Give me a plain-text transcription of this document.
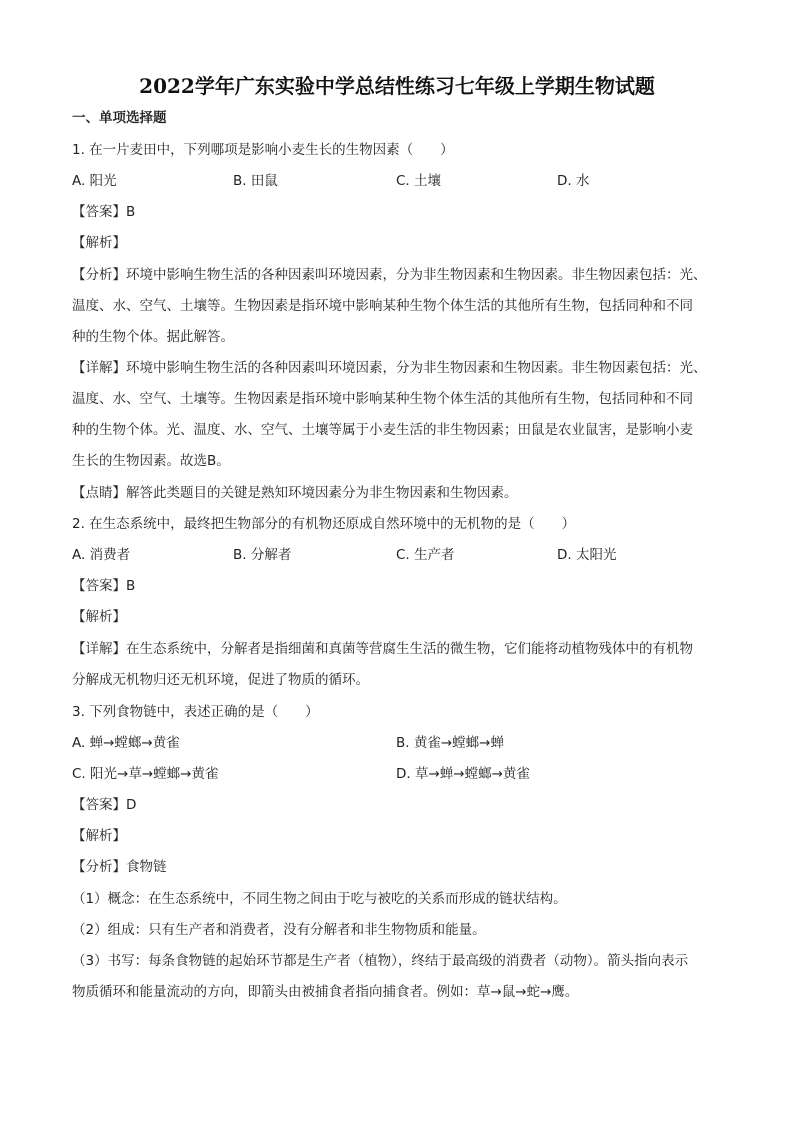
2022学年广东实验中学总结性练习七年级上学期生物试题
一、单项选择题
1. 在一片麦田中，下列哪项是影响小麦生长的生物因素（　　）
A. 阳光	B. 田鼠	C. 土壤	D. 水
【答案】B
【解析】
【分析】环境中影响生物生活的各种因素叫环境因素，分为非生物因素和生物因素。非生物因素包括：光、
温度、水、空气、土壤等。生物因素是指环境中影响某种生物个体生活的其他所有生物，包括同种和不同
种的生物个体。据此解答。
【详解】环境中影响生物生活的各种因素叫环境因素，分为非生物因素和生物因素。非生物因素包括：光、
温度、水、空气、土壤等。生物因素是指环境中影响某种生物个体生活的其他所有生物，包括同种和不同
种的生物个体。光、温度、水、空气、土壤等属于小麦生活的非生物因素；田鼠是农业鼠害，是影响小麦
生长的生物因素。故选B。
【点睛】解答此类题目的关键是熟知环境因素分为非生物因素和生物因素。
2. 在生态系统中，最终把生物部分的有机物还原成自然环境中的无机物的是（　　）
A. 消费者	B. 分解者	C. 生产者	D. 太阳光
【答案】B
【解析】
【详解】在生态系统中，分解者是指细菌和真菌等营腐生生活的微生物，它们能将动植物残体中的有机物
分解成无机物归还无机环境，促进了物质的循环。
3. 下列食物链中，表述正确的是（　　）
A. 蝉→螳螂→黄雀	B. 黄雀→螳螂→蝉
C. 阳光→草→螳螂→黄雀	D. 草→蝉→螳螂→黄雀
【答案】D
【解析】
【分析】食物链
（1）概念：在生态系统中，不同生物之间由于吃与被吃的关系而形成的链状结构。
（2）组成：只有生产者和消费者，没有分解者和非生物物质和能量。
（3）书写：每条食物链的起始环节都是生产者（植物），终结于最高级的消费者（动物）。箭头指向表示
物质循环和能量流动的方向，即箭头由被捕食者指向捕食者。例如：草→鼠→蛇→鹰。
